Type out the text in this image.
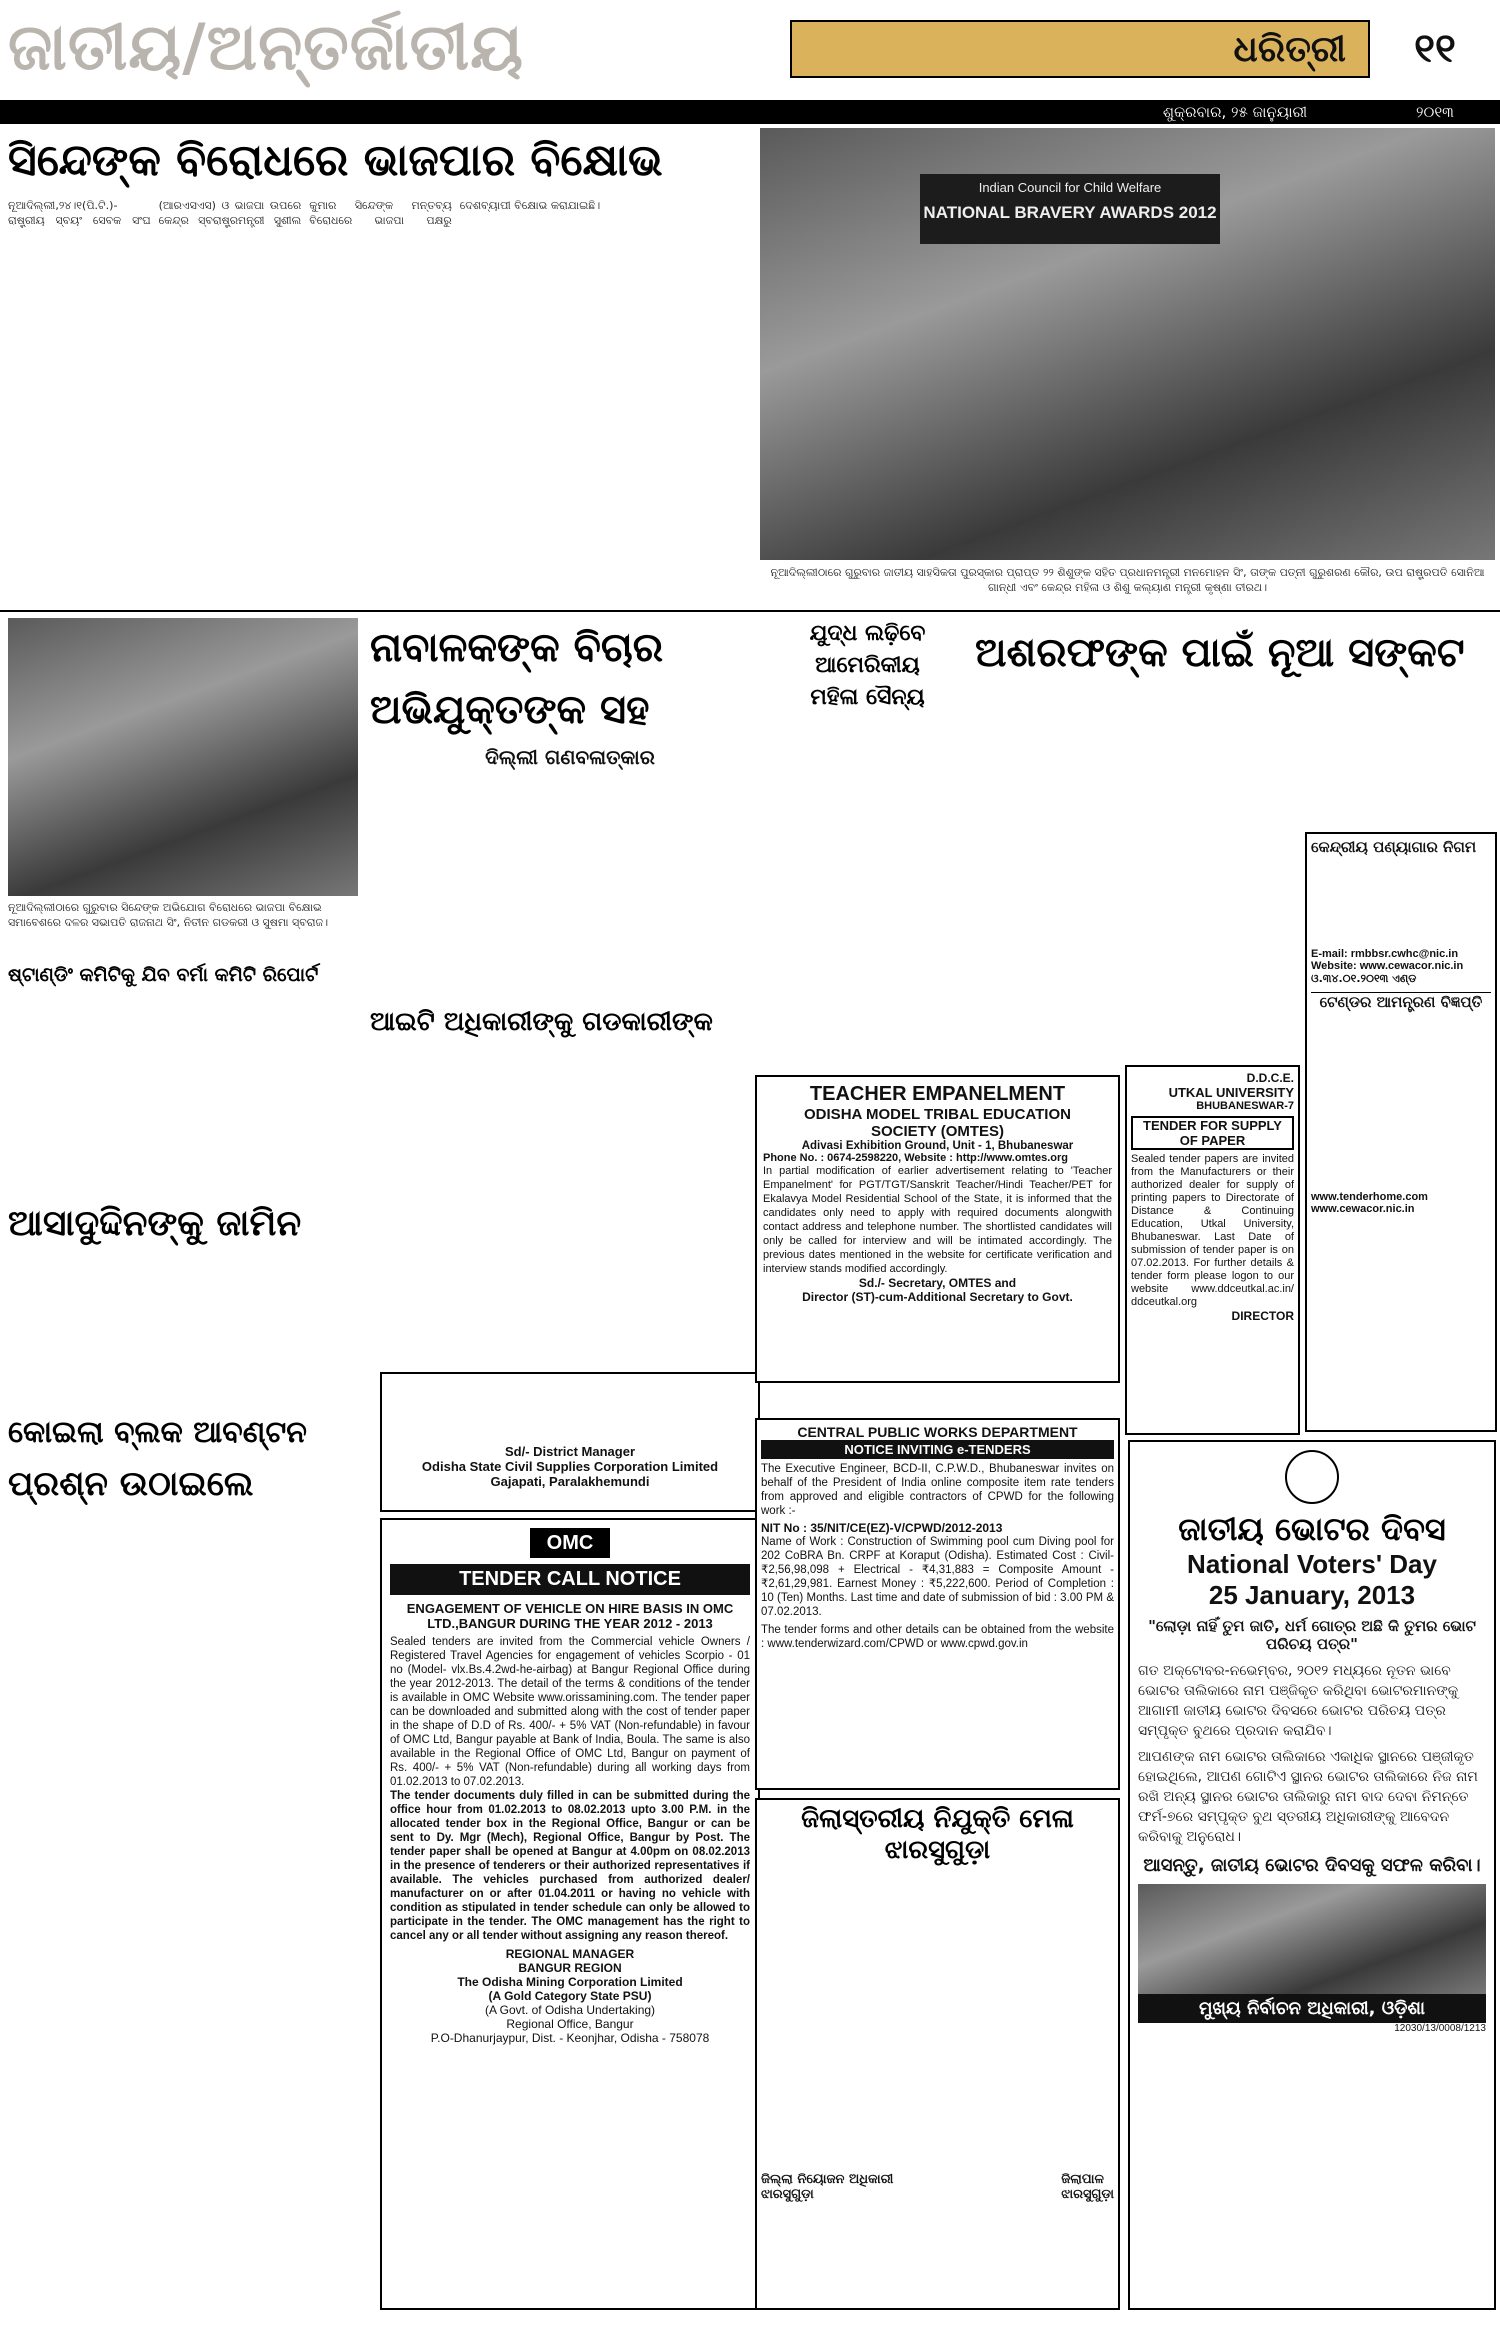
ଜାତୀୟ/ଅନ୍ତର୍ଜାତୀୟ	ଧରିତ୍ରୀ	୧୧
ଶୁକ୍ରବାର, ୨୫ ଜାନୁୟାରୀ	୨୦୧୩
ସିନ୍ଦେଙ୍କ ବିରୋଧରେ ଭାଜପାର ବିକ୍ଷୋଭ
ନୂଆଦିଲ୍ଲୀ,୨୪।୧(ପି.ଟି.)- ରାଷ୍ଟ୍ରୀୟ ସ୍ବୟଂ ସେବକ ସଂଘ (ଆରଏସଏସ) ଓ ଭାଜପା ଉପରେ କେନ୍ଦ୍ର ସ୍ବରାଷ୍ଟ୍ରମନ୍ତ୍ରୀ ସୁଶୀଲ କୁମାର ସିନ୍ଦେଙ୍କ ମନ୍ତବ୍ୟ ବିରୋଧରେ ଭାଜପା ପକ୍ଷରୁ ଦେଶବ୍ୟାପୀ ବିକ୍ଷୋଭ କରାଯାଇଛି।
Indian Council for Child Welfare
NATIONAL BRAVERY AWARDS 2012
ନୂଆଦିଲ୍ଲୀଠାରେ ଗୁରୁବାର ଜାତୀୟ ସାହସିକତା ପୁରସ୍କାର ପ୍ରାପ୍ତ ୨୨ ଶିଶୁଙ୍କ ସହିତ ପ୍ରଧାନମନ୍ତ୍ରୀ ମନମୋହନ ସିଂ, ତାଙ୍କ ପତ୍ନୀ ଗୁରୁଶରଣ କୌର, ଉପ ରାଷ୍ଟ୍ରପତି ସୋନିଆ ଗାନ୍ଧୀ ଏବଂ କେନ୍ଦ୍ର ମହିଳା ଓ ଶିଶୁ କଲ୍ୟାଣ ମନ୍ତ୍ରୀ କୃଷ୍ଣା ତୀରଥ।
ନୂଆଦିଲ୍ଲୀଠାରେ ଗୁରୁବାର ସିନ୍ଦେଙ୍କ ଅଭିଯୋଗ ବିରୋଧରେ ଭାଜପା ବିକ୍ଷୋଭ ସମାବେଶରେ ଦଳର ସଭାପତି ରାଜନାଥ ସିଂ, ନିତୀନ ଗଡକରୀ ଓ ସୁଷମା ସ୍ବରାଜ।
ନାବାଳକଙ୍କ ବିଚାର
ଅଭିଯୁକ୍ତଙ୍କ ସହ
ଦିଲ୍ଲୀ ଗଣବଳାତ୍କାର
ଯୁଦ୍ଧ ଲଢ଼ିବେ
ଆମେରିକୀୟ
ମହିଳା ସୈନ୍ୟ
ଅଶରଫଙ୍କ ପାଇଁ ନୂଆ ସଙ୍କଟ
ଷ୍ଟାଣ୍ଡିଂ କମିଟିକୁ ଯିବ ବର୍ମା କମିଟି ରିପୋର୍ଟ
ଆଇଟି ଅଧିକାରୀଙ୍କୁ ଗଡକାରୀଙ୍କ
ଆସାଦୁଦ୍ଦିନଙ୍କୁ ଜାମିନ
କୋଇଲା ବ୍ଲକ ଆବଣ୍ଟନ
ପ୍ରଶ୍ନ ଉଠାଇଲେ
Sd/- District Manager
Odisha State Civil Supplies Corporation Limited
Gajapati, Paralakhemundi
OMC
TENDER CALL NOTICE
ENGAGEMENT OF VEHICLE ON HIRE BASIS IN OMC LTD.,BANGUR DURING THE YEAR 2012 - 2013
Sealed tenders are invited from the Commercial vehicle Owners / Registered Travel Agencies for engagement of vehicles Scorpio - 01 no (Model- vlx.Bs.4.2wd-he-airbag) at Bangur Regional Office during the year 2012-2013. The detail of the terms & conditions of the tender is available in OMC Website www.orissamining.com. The tender paper can be downloaded and submitted along with the cost of tender paper in the shape of D.D of Rs. 400/- + 5% VAT (Non-refundable) in favour of OMC Ltd, Bangur payable at Bank of India, Boula. The same is also available in the Regional Office of OMC Ltd, Bangur on payment of Rs. 400/- + 5% VAT (Non-refundable) during all working days from 01.02.2013 to 07.02.2013.
The tender documents duly filled in can be submitted during the office hour from 01.02.2013 to 08.02.2013 upto 3.00 P.M. in the allocated tender box in the Regional Office, Bangur or can be sent to Dy. Mgr (Mech), Regional Office, Bangur by Post. The tender paper shall be opened at Bangur at 4.00pm on 08.02.2013 in the presence of tenderers or their authorized representatives if available. The vehicles purchased from authorized dealer/ manufacturer on or after 01.04.2011 or having no vehicle with condition as stipulated in tender schedule can only be allowed to participate in the tender. The OMC management has the right to cancel any or all tender without assigning any reason thereof.
REGIONAL MANAGER
BANGUR REGION
The Odisha Mining Corporation Limited
(A Gold Category State PSU)
(A Govt. of Odisha Undertaking)
Regional Office, Bangur
P.O-Dhanurjaypur, Dist. - Keonjhar, Odisha - 758078
TEACHER EMPANELMENT
ODISHA MODEL TRIBAL EDUCATION
SOCIETY (OMTES)
Adivasi Exhibition Ground, Unit - 1, Bhubaneswar
Phone No. : 0674-2598220, Website : http://www.omtes.org
In partial modification of earlier advertisement relating to 'Teacher Empanelment' for PGT/TGT/Sanskrit Teacher/Hindi Teacher/PET for Ekalavya Model Residential School of the State, it is informed that the candidates only need to apply with required documents alongwith contact address and telephone number. The shortlisted candidates will only be called for interview and will be intimated accordingly. The previous dates mentioned in the website for certificate verification and interview stands modified accordingly.
Sd./- Secretary, OMTES and
Director (ST)-cum-Additional Secretary to Govt.
D.D.C.E.
UTKAL UNIVERSITY
BHUBANESWAR-7
TENDER FOR SUPPLY OF PAPER
Sealed tender papers are invited from the Manufacturers or their authorized dealer for supply of printing papers to Directorate of Distance & Continuing Education, Utkal University, Bhubaneswar. Last Date of submission of tender paper is on 07.02.2013. For further details & tender form please logon to our website www.ddceutkal.ac.in/ ddceutkal.org
DIRECTOR
କେନ୍ଦ୍ରୀୟ ପଣ୍ୟାଗାର ନିଗମ
E-mail: rmbbsr.cwhc@nic.in
Website: www.cewacor.nic.in
ଓ.୩୪.୦୧.୨୦୧୩ ଏଣ୍ଡ
ଟେଣ୍ଡର ଆମନ୍ତ୍ରଣ ବିଜ୍ଞପ୍ତି
www.tenderhome.com
www.cewacor.nic.in
CENTRAL PUBLIC WORKS DEPARTMENT
NOTICE INVITING e-TENDERS
The Executive Engineer, BCD-II, C.P.W.D., Bhubaneswar invites on behalf of the President of India online composite item rate tenders from approved and eligible contractors of CPWD for the following work :-
NIT No : 35/NIT/CE(EZ)-V/CPWD/2012-2013
Name of Work : Construction of Swimming pool cum Diving pool for 202 CoBRA Bn. CRPF at Koraput (Odisha). Estimated Cost : Civil- ₹2,56,98,098 + Electrical - ₹4,31,883 = Composite Amount - ₹2,61,29,981. Earnest Money : ₹5,222,600. Period of Completion : 10 (Ten) Months. Last time and date of submission of bid : 3.00 PM & 07.02.2013.
The tender forms and other details can be obtained from the website : www.tenderwizard.com/CPWD or www.cpwd.gov.in
ଜିଲାସ୍ତରୀୟ ନିଯୁକ୍ତି ମେଳା
ଝାରସୁଗୁଡ଼ା
ଜିଲ୍ଲା ନିୟୋଜନ ଅଧିକାରୀ
ଝାରସୁଗୁଡ଼ା
ଜିଲାପାଳ
ଝାରସୁଗୁଡ଼ା
ଜାତୀୟ ଭୋଟର ଦିବସ
National Voters' Day
25 January, 2013
"ଲୋଡ଼ା ନାହିଁ ତୁମ ଜାତି, ଧର୍ମ ଗୋତ୍ର ଅଛି କି ତୁମର ଭୋଟ ପରିଚୟ ପତ୍ର"
ଗତ ଅକ୍ଟୋବର-ନଭେମ୍ବର, ୨୦୧୨ ମଧ୍ୟରେ ନୂତନ ଭାବେ ଭୋଟର ତାଲିକାରେ ନାମ ପଞ୍ଜିକୃତ କରିଥିବା ଭୋଟରମାନଙ୍କୁ ଆଗାମୀ ଜାତୀୟ ଭୋଟର ଦିବସରେ ଭୋଟର ପରିଚୟ ପତ୍ର ସମ୍ପୃକ୍ତ ବୁଥରେ ପ୍ରଦାନ କରାଯିବ।
ଆପଣଙ୍କ ନାମ ଭୋଟର ତାଲିକାରେ ଏକାଧିକ ସ୍ଥାନରେ ପଞ୍ଜୀକୃତ ହୋଇଥିଲେ, ଆପଣ ଗୋଟିଏ ସ୍ଥାନର ଭୋଟର ତାଲିକାରେ ନିଜ ନାମ ରଖି ଅନ୍ୟ ସ୍ଥାନର ଭୋଟର ତାଲିକାରୁ ନାମ ବାଦ ଦେବା ନିମନ୍ତେ ଫର୍ମ-୭ରେ ସମ୍ପୃକ୍ତ ବୁଥ ସ୍ତରୀୟ ଅଧିକାରୀଙ୍କୁ ଆବେଦନ କରିବାକୁ ଅନୁରୋଧ।
ଆସନ୍ତୁ, ଜାତୀୟ ଭୋଟର ଦିବସକୁ ସଫଳ କରିବା।
ମୁଖ୍ୟ ନିର୍ବାଚନ ଅଧିକାରୀ, ଓଡ଼ିଶା
12030/13/0008/1213
